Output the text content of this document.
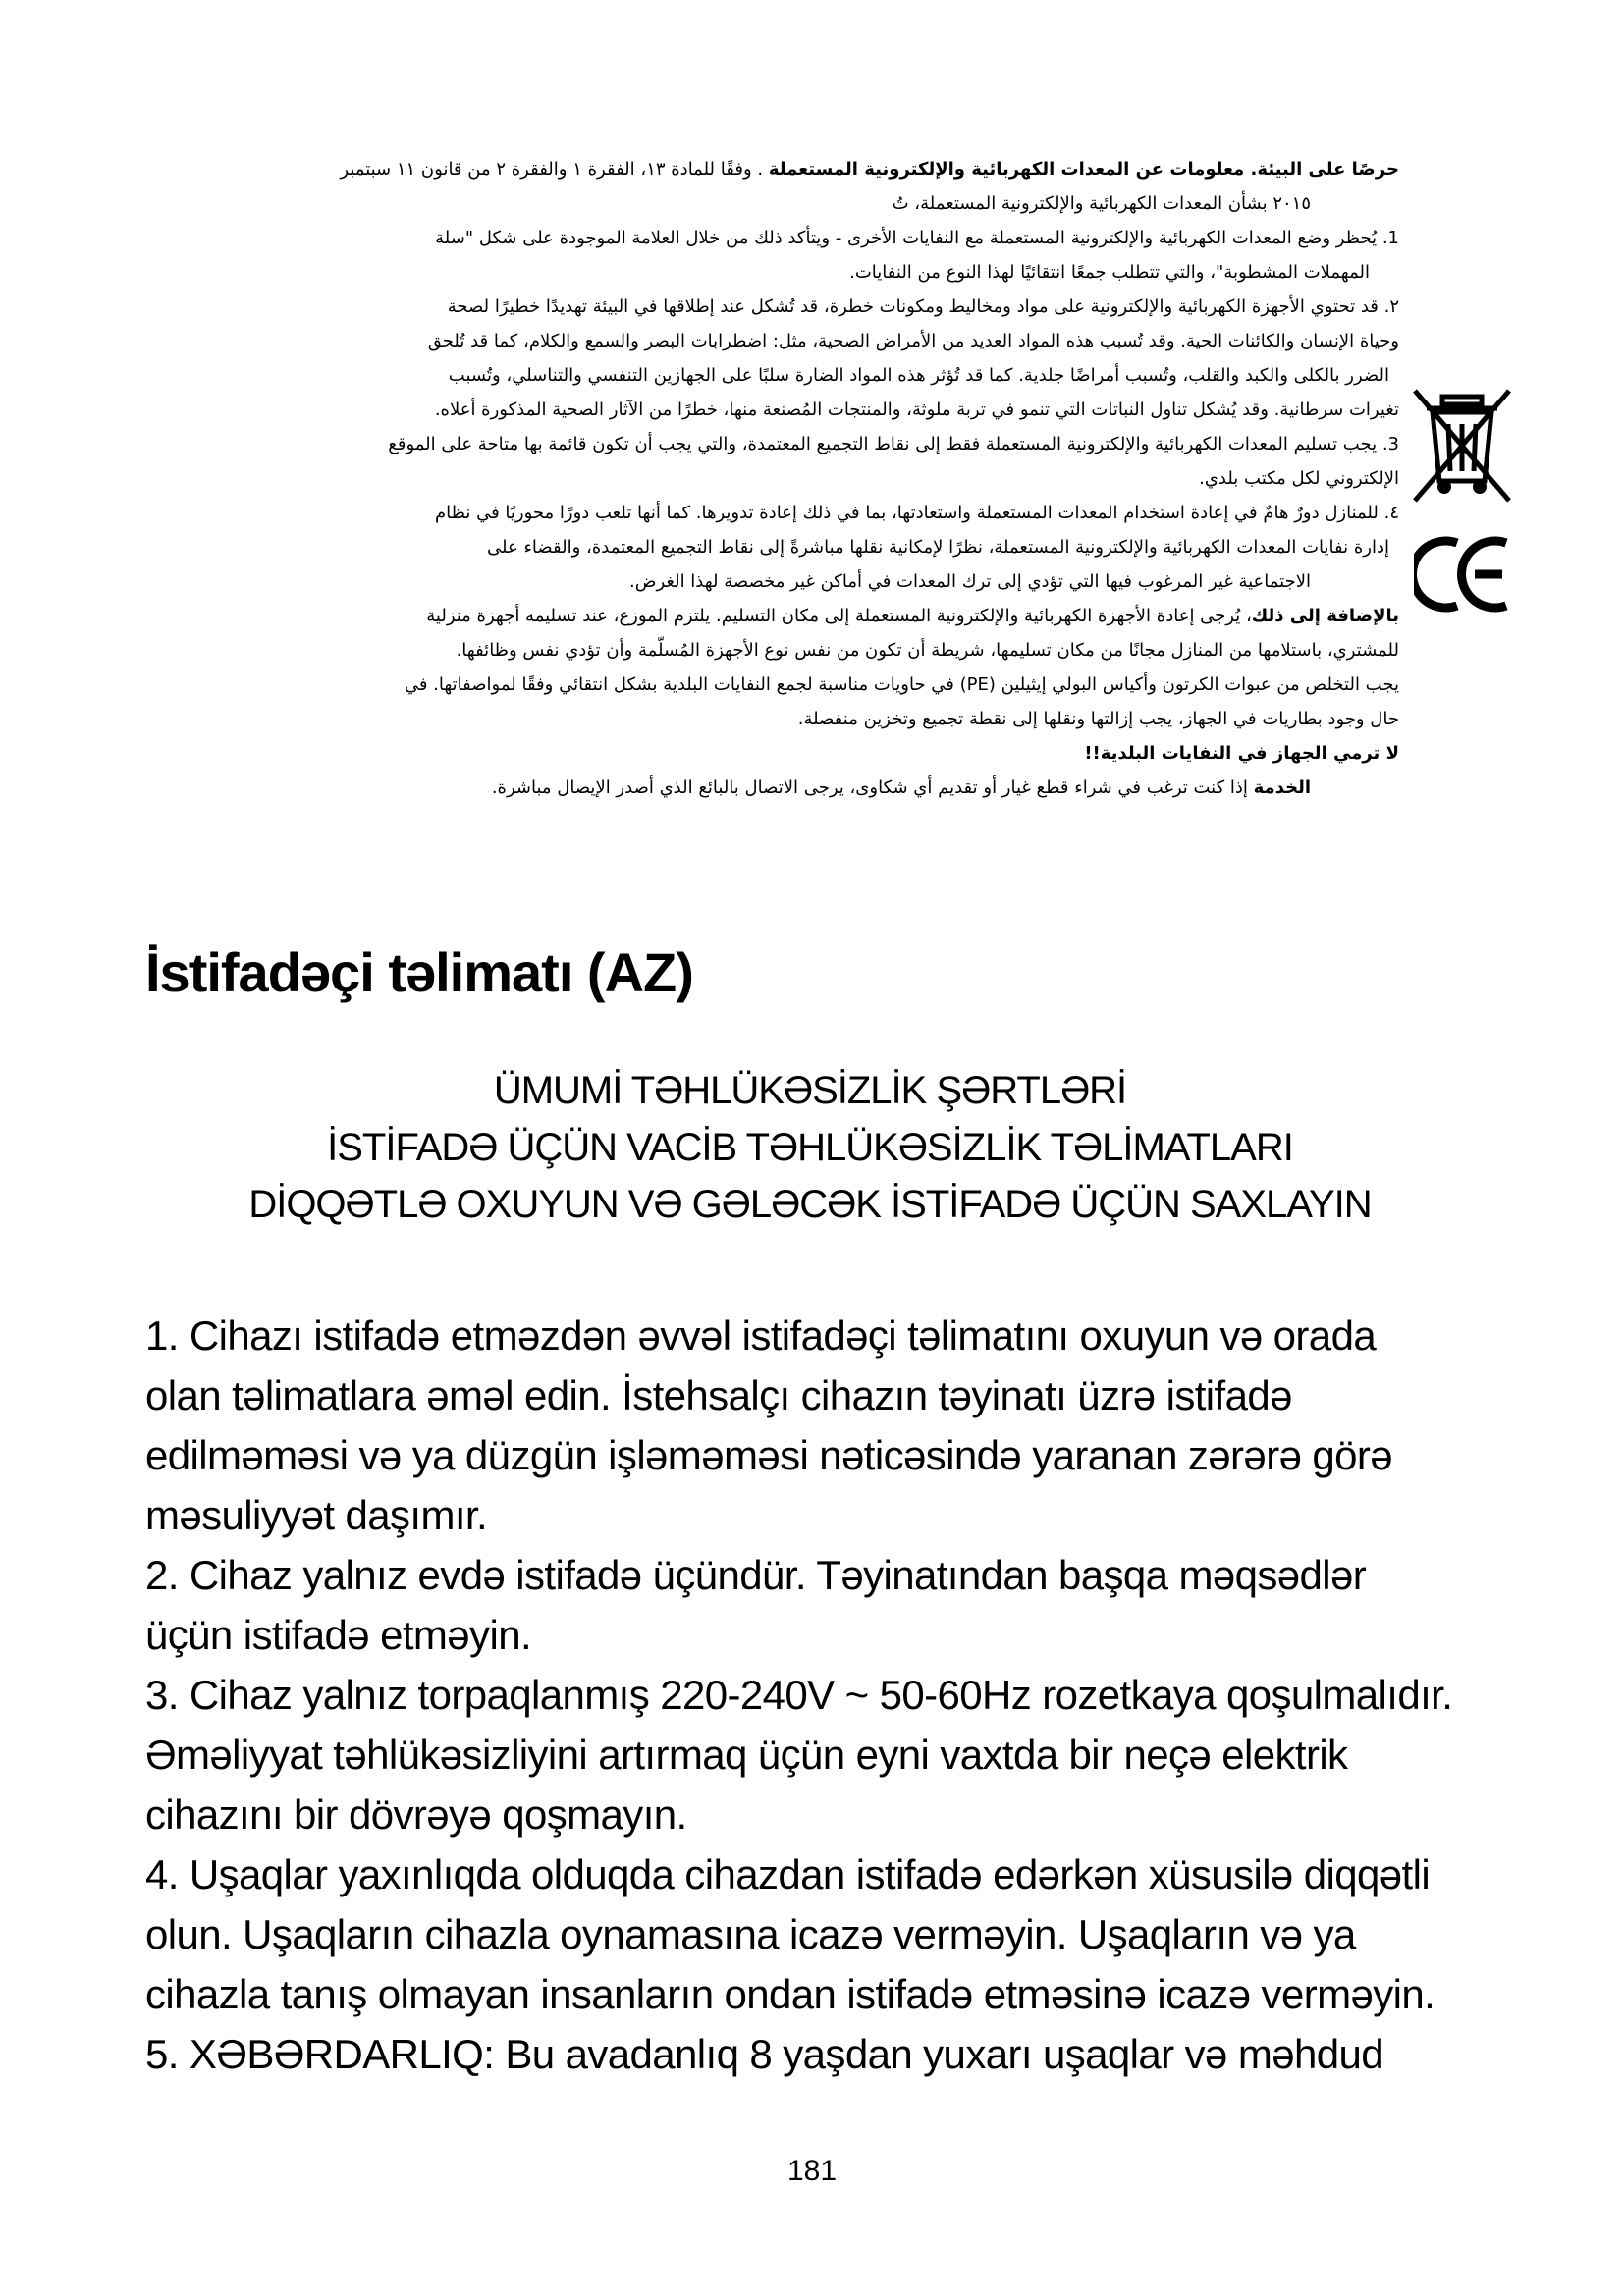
حرصًا على البيئة. معلومات عن المعدات الكهربائية والإلكترونية المستعملة . وفقًا للمادة ١٣، الفقرة ١ والفقرة ٢ من قانون ١١ سبتمبر

٢٠١٥ بشأن المعدات الكهربائية والإلكترونية المستعملة، تُ

1. يُحظر وضع المعدات الكهربائية والإلكترونية المستعملة مع النفايات الأخرى - ويتأكد ذلك من خلال العلامة الموجودة على شكل "سلة

المهملات المشطوبة"، والتي تتطلب جمعًا انتقائيًا لهذا النوع من النفايات.

٢. قد تحتوي الأجهزة الكهربائية والإلكترونية على مواد ومخاليط ومكونات خطرة، قد تُشكل عند إطلاقها في البيئة تهديدًا خطيرًا لصحة

وحياة الإنسان والكائنات الحية. وقد تُسبب هذه المواد العديد من الأمراض الصحية، مثل: اضطرابات البصر والسمع والكلام، كما قد تُلحق

الضرر بالكلى والكبد والقلب، وتُسبب أمراضًا جلدية. كما قد تُؤثر هذه المواد الضارة سلبًا على الجهازين التنفسي والتناسلي، وتُسبب

تغيرات سرطانية. وقد يُشكل تناول النباتات التي تنمو في تربة ملوثة، والمنتجات المُصنعة منها، خطرًا من الآثار الصحية المذكورة أعلاه.

3. يجب تسليم المعدات الكهربائية والإلكترونية المستعملة فقط إلى نقاط التجميع المعتمدة، والتي يجب أن تكون قائمة بها متاحة على الموقع

الإلكتروني لكل مكتب بلدي.

٤. للمنازل دورٌ هامٌ في إعادة استخدام المعدات المستعملة واستعادتها، بما في ذلك إعادة تدويرها. كما أنها تلعب دورًا محوريًا في نظام

إدارة نفايات المعدات الكهربائية والإلكترونية المستعملة، نظرًا لإمكانية نقلها مباشرةً إلى نقاط التجميع المعتمدة، والقضاء على

الاجتماعية غير المرغوب فيها التي تؤدي إلى ترك المعدات في أماكن غير مخصصة لهذا الغرض.

بالإضافة إلى ذلك، يُرجى إعادة الأجهزة الكهربائية والإلكترونية المستعملة إلى مكان التسليم. يلتزم الموزع، عند تسليمه أجهزة منزلية

للمشتري، باستلامها من المنازل مجانًا من مكان تسليمها، شريطة أن تكون من نفس نوع الأجهزة المُسلّمة وأن تؤدي نفس وظائفها.

يجب التخلص من عبوات الكرتون وأكياس البولي إيثيلين (PE) في حاويات مناسبة لجمع النفايات البلدية بشكل انتقائي وفقًا لمواصفاتها. في

حال وجود بطاريات في الجهاز، يجب إزالتها ونقلها إلى نقطة تجميع وتخزين منفصلة.

لا ترمي الجهاز في النفايات البلدية!!

الخدمة إذا كنت ترغب في شراء قطع غيار أو تقديم أي شكاوى، يرجى الاتصال بالبائع الذي أصدر الإيصال مباشرة.

İstifadəçi təlimatı (AZ)
ÜMUMİ TƏHLÜKƏSİZLİK ŞƏRTLƏRİ
İSTİFADƏ ÜÇÜN VACİB TƏHLÜKƏSİZLİK TƏLİMATLARI
DİQQƏTLƏ OXUYUN VƏ GƏLƏCƏK İSTİFADƏ ÜÇÜN SAXLAYIN

1. Cihazı istifadə etməzdən əvvəl istifadəçi təlimatını oxuyun və orada

olan təlimatlara əməl edin. İstehsalçı cihazın təyinatı üzrə istifadə

edilməməsi və ya düzgün işləməməsi nəticəsində yaranan zərərə görə

məsuliyyət daşımır.

2. Cihaz yalnız evdə istifadə üçündür. Təyinatından başqa məqsədlər

üçün istifadə etməyin.

3. Cihaz yalnız torpaqlanmış 220-240V ~ 50-60Hz rozetkaya qoşulmalıdır.

Əməliyyat təhlükəsizliyini artırmaq üçün eyni vaxtda bir neçə elektrik

cihazını bir dövrəyə qoşmayın.

4. Uşaqlar yaxınlıqda olduqda cihazdan istifadə edərkən xüsusilə diqqətli

olun. Uşaqların cihazla oynamasına icazə verməyin. Uşaqların və ya

cihazla tanış olmayan insanların ondan istifadə etməsinə icazə verməyin.

5. XƏBƏRDARLIQ: Bu avadanlıq 8 yaşdan yuxarı uşaqlar və məhdud

181
